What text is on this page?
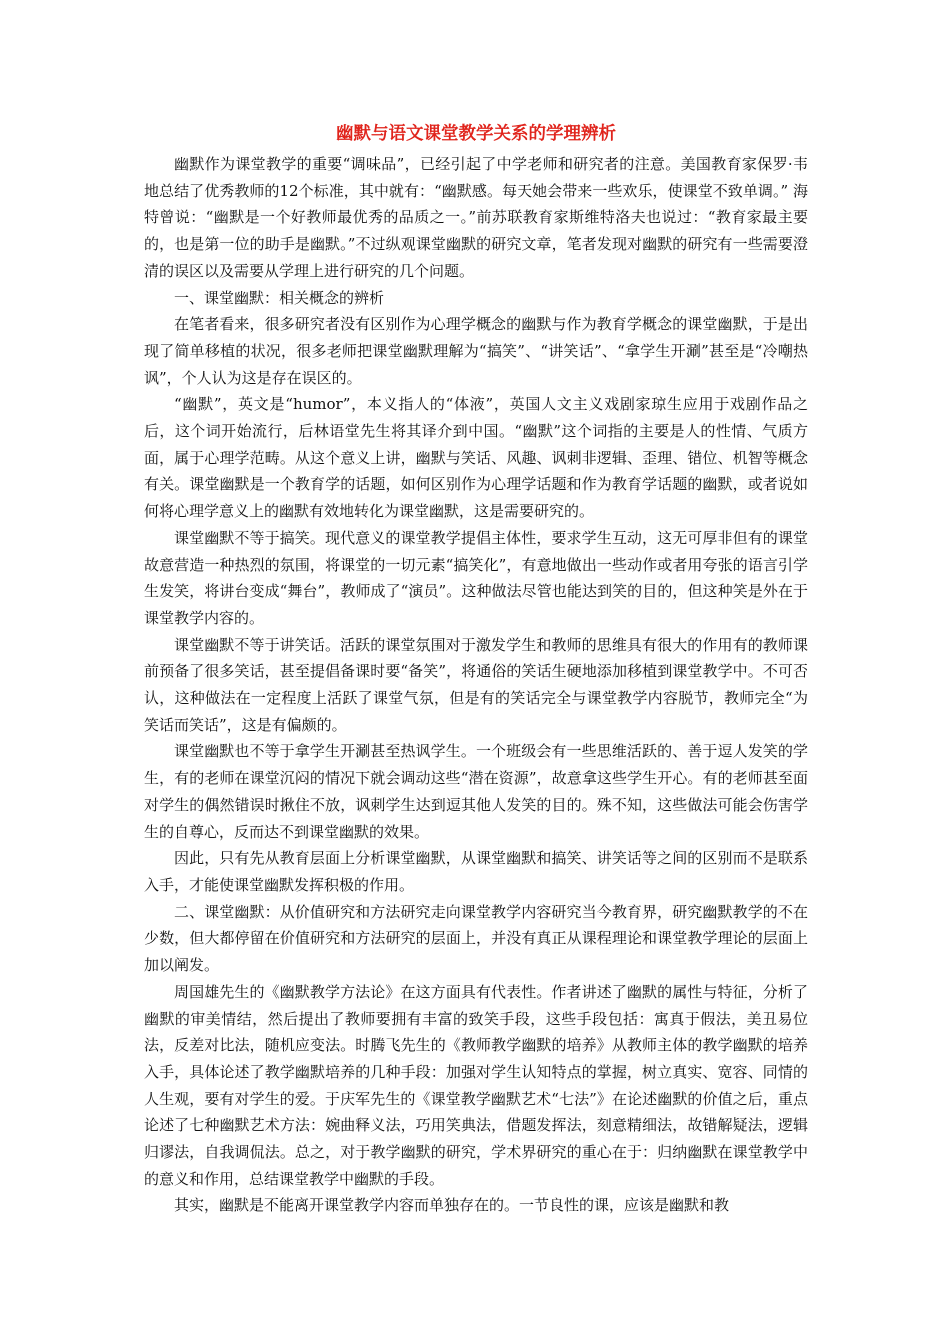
幽默与语文课堂教学关系的学理辨析

幽默作为课堂教学的重要“调味品”，已经引起了中学老师和研究者的注意。美国教育家保罗·韦地总结了优秀教师的12个标准，其中就有：“幽默感。每天她会带来一些欢乐，使课堂不致单调。” 海特曾说：“幽默是一个好教师最优秀的品质之一。”前苏联教育家斯维特洛夫也说过：“教育家最主要的，也是第一位的助手是幽默。”不过纵观课堂幽默的研究文章，笔者发现对幽默的研究有一些需要澄清的误区以及需要从学理上进行研究的几个问题。

一、课堂幽默：相关概念的辨析

在笔者看来，很多研究者没有区别作为心理学概念的幽默与作为教育学概念的课堂幽默，于是出现了简单移植的状况，很多老师把课堂幽默理解为“搞笑”、“讲笑话”、“拿学生开涮”甚至是“冷嘲热讽”，个人认为这是存在误区的。

“幽默”，英文是“humor”，本义指人的“体液”，英国人文主义戏剧家琼生应用于戏剧作品之后，这个词开始流行，后林语堂先生将其译介到中国。“幽默”这个词指的主要是人的性情、气质方面，属于心理学范畴。从这个意义上讲，幽默与笑话、风趣、讽刺非逻辑、歪理、错位、机智等概念有关。课堂幽默是一个教育学的话题，如何区别作为心理学话题和作为教育学话题的幽默，或者说如何将心理学意义上的幽默有效地转化为课堂幽默，这是需要研究的。

课堂幽默不等于搞笑。现代意义的课堂教学提倡主体性，要求学生互动，这无可厚非但有的课堂故意营造一种热烈的氛围，将课堂的一切元素“搞笑化”，有意地做出一些动作或者用夸张的语言引学生发笑，将讲台变成“舞台”，教师成了“演员”。这种做法尽管也能达到笑的目的，但这种笑是外在于课堂教学内容的。

课堂幽默不等于讲笑话。活跃的课堂氛围对于激发学生和教师的思维具有很大的作用有的教师课前预备了很多笑话，甚至提倡备课时要“备笑”，将通俗的笑话生硬地添加移植到课堂教学中。不可否认，这种做法在一定程度上活跃了课堂气氛，但是有的笑话完全与课堂教学内容脱节，教师完全“为笑话而笑话”，这是有偏颇的。

课堂幽默也不等于拿学生开涮甚至热讽学生。一个班级会有一些思维活跃的、善于逗人发笑的学生，有的老师在课堂沉闷的情况下就会调动这些“潜在资源”，故意拿这些学生开心。有的老师甚至面对学生的偶然错误时揪住不放，讽刺学生达到逗其他人发笑的目的。殊不知，这些做法可能会伤害学生的自尊心，反而达不到课堂幽默的效果。

因此，只有先从教育层面上分析课堂幽默，从课堂幽默和搞笑、讲笑话等之间的区别而不是联系入手，才能使课堂幽默发挥积极的作用。

二、课堂幽默：从价值研究和方法研究走向课堂教学内容研究当今教育界，研究幽默教学的不在少数，但大都停留在价值研究和方法研究的层面上，并没有真正从课程理论和课堂教学理论的层面上加以阐发。

周国雄先生的《幽默教学方法论》在这方面具有代表性。作者讲述了幽默的属性与特征，分析了幽默的审美情结，然后提出了教师要拥有丰富的致笑手段，这些手段包括：寓真于假法，美丑易位法，反差对比法，随机应变法。时腾飞先生的《教师教学幽默的培养》从教师主体的教学幽默的培养入手，具体论述了教学幽默培养的几种手段：加强对学生认知特点的掌握，树立真实、宽容、同情的人生观，要有对学生的爱。于庆军先生的《课堂教学幽默艺术“七法”》在论述幽默的价值之后，重点论述了七种幽默艺术方法：婉曲释义法，巧用笑典法，借题发挥法，刻意精细法，故错解疑法，逻辑归谬法，自我调侃法。总之，对于教学幽默的研究，学术界研究的重心在于：归纳幽默在课堂教学中的意义和作用，总结课堂教学中幽默的手段。

其实，幽默是不能离开课堂教学内容而单独存在的。一节良性的课，应该是幽默和教
